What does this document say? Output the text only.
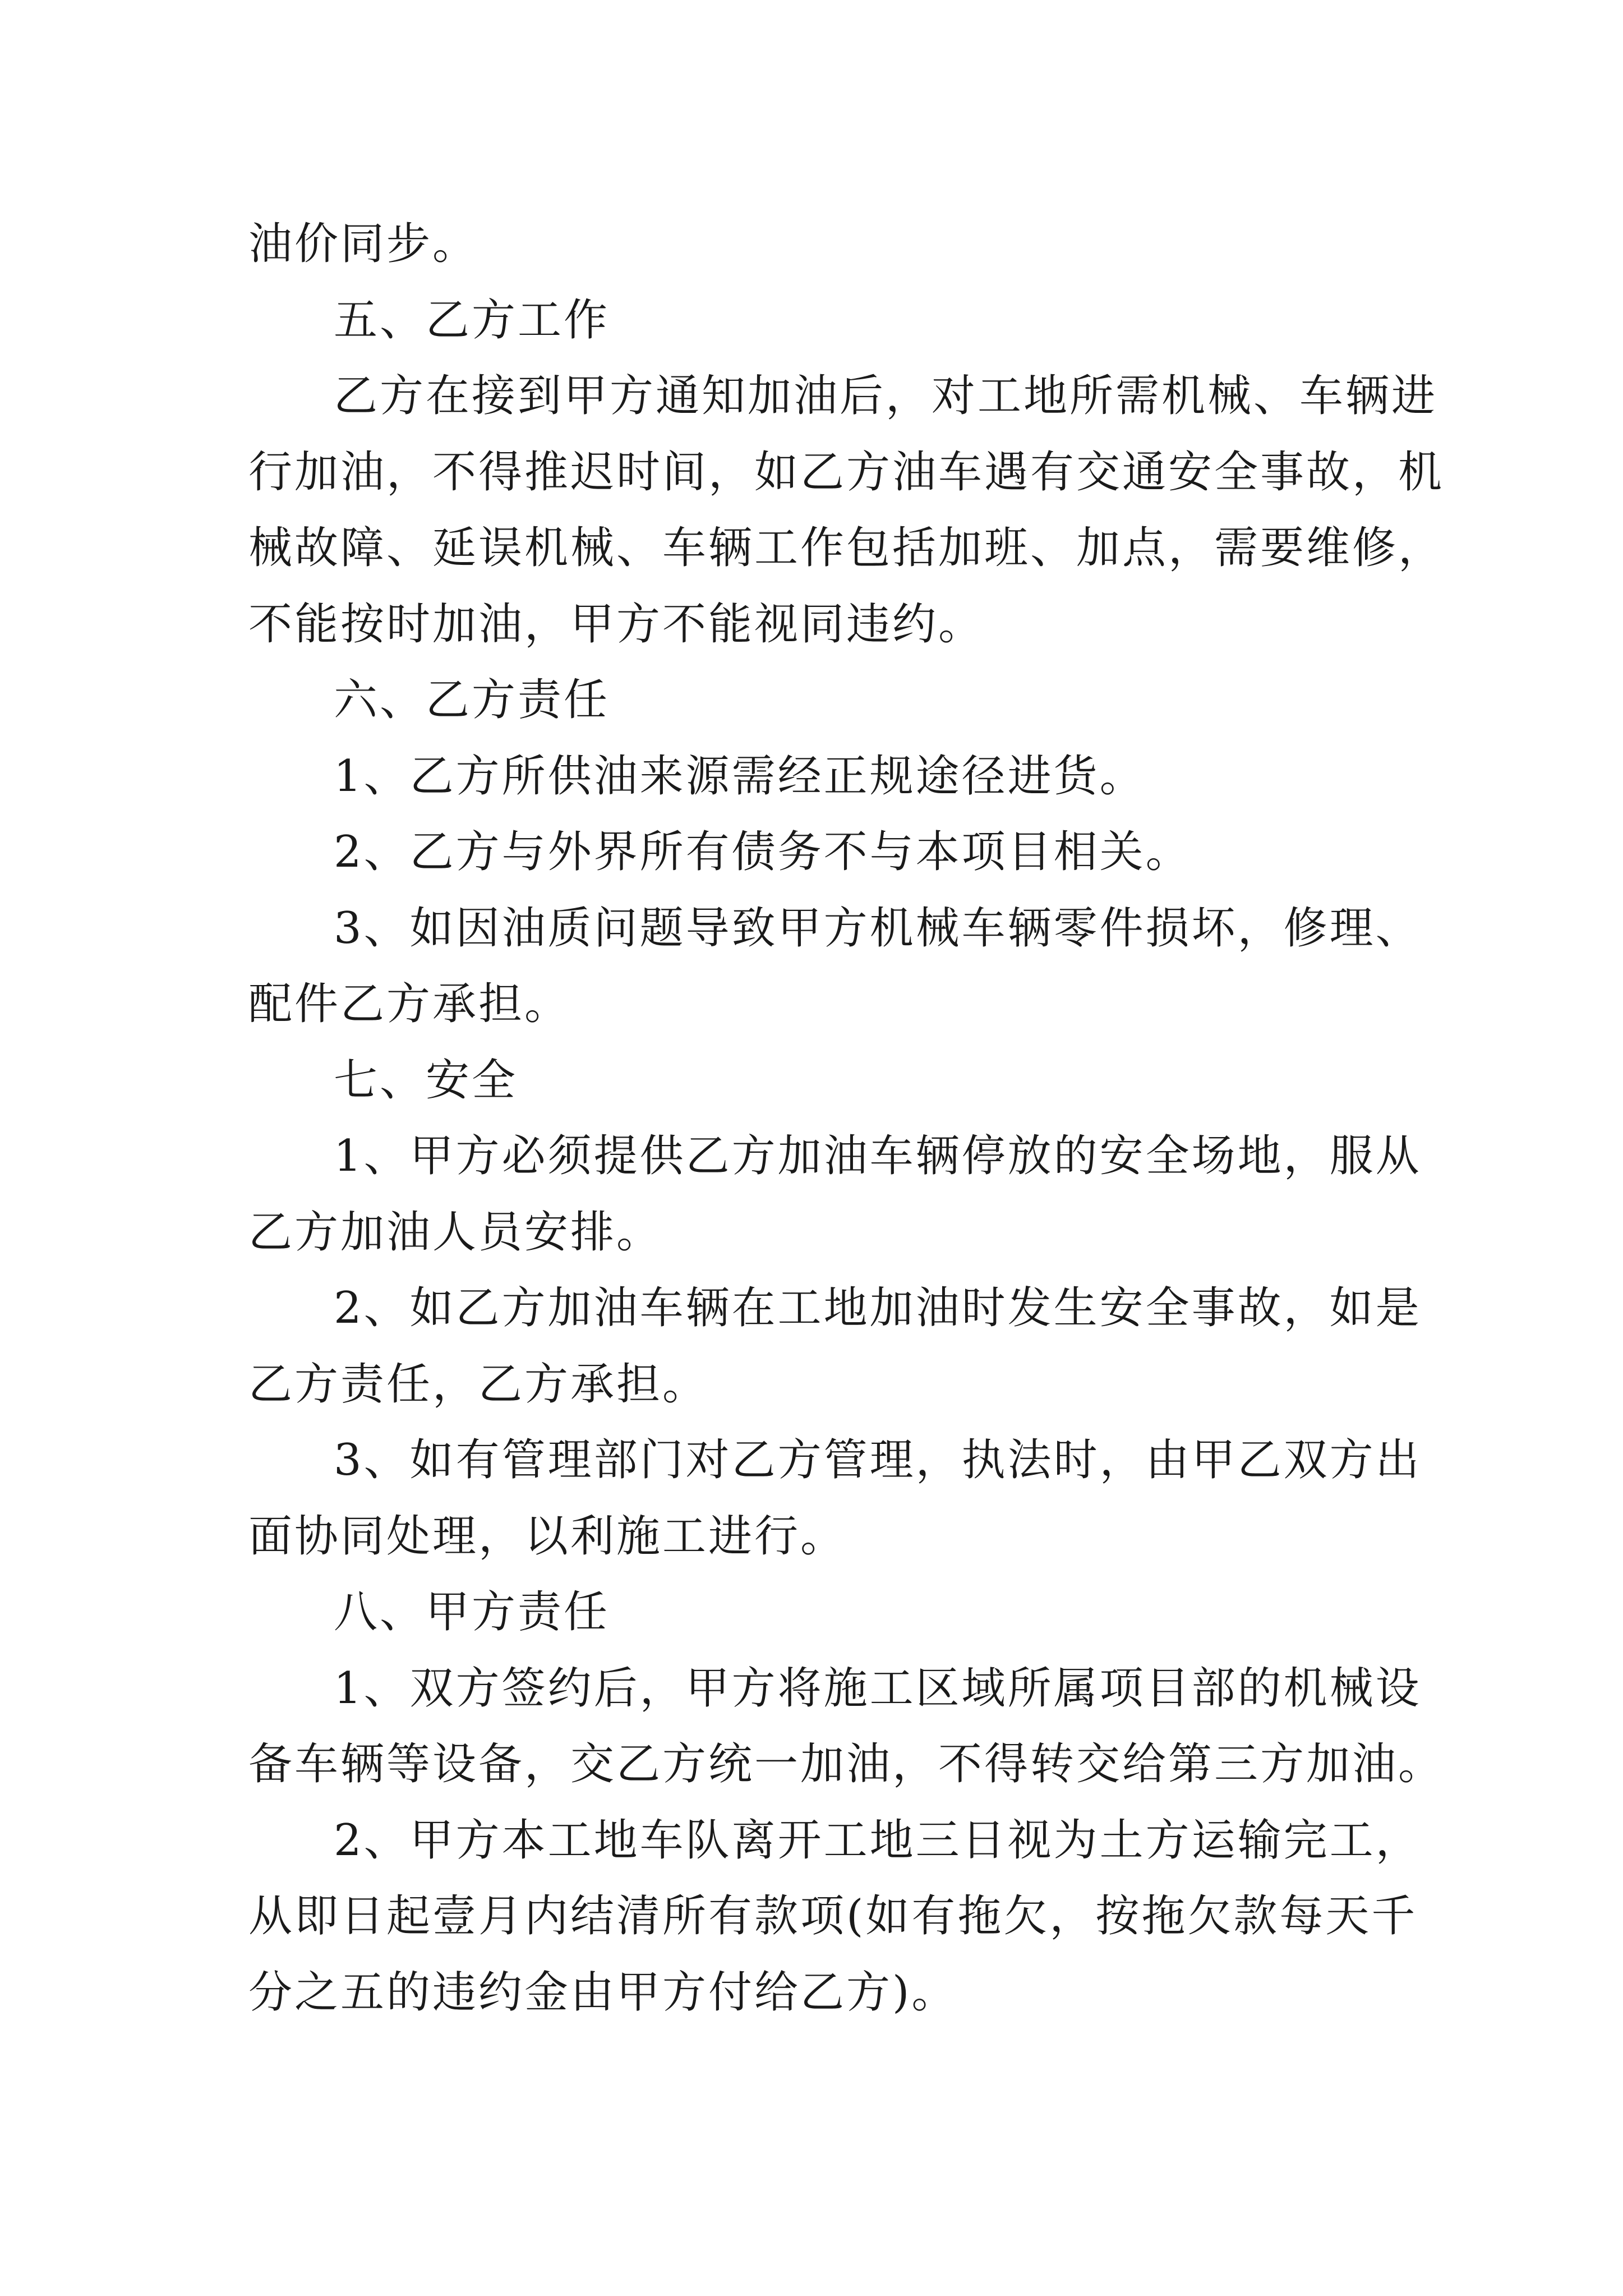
油价同步。
五、乙方工作
乙方在接到甲方通知加油后，对工地所需机械、车辆进
行加油，不得推迟时间，如乙方油车遇有交通安全事故，机
械故障、延误机械、车辆工作包括加班、加点，需要维修，
不能按时加油，甲方不能视同违约。
六、乙方责任
1、乙方所供油来源需经正规途径进货。
2、乙方与外界所有债务不与本项目相关。
3、如因油质问题导致甲方机械车辆零件损坏，修理、
配件乙方承担。
七、安全
1、甲方必须提供乙方加油车辆停放的安全场地，服从
乙方加油人员安排。
2、如乙方加油车辆在工地加油时发生安全事故，如是
乙方责任，乙方承担。
3、如有管理部门对乙方管理，执法时，由甲乙双方出
面协同处理，以利施工进行。
八、甲方责任
1、双方签约后，甲方将施工区域所属项目部的机械设
备车辆等设备，交乙方统一加油，不得转交给第三方加油。
2、甲方本工地车队离开工地三日视为土方运输完工，
从即日起壹月内结清所有款项(如有拖欠，按拖欠款每天千
分之五的违约金由甲方付给乙方)。
